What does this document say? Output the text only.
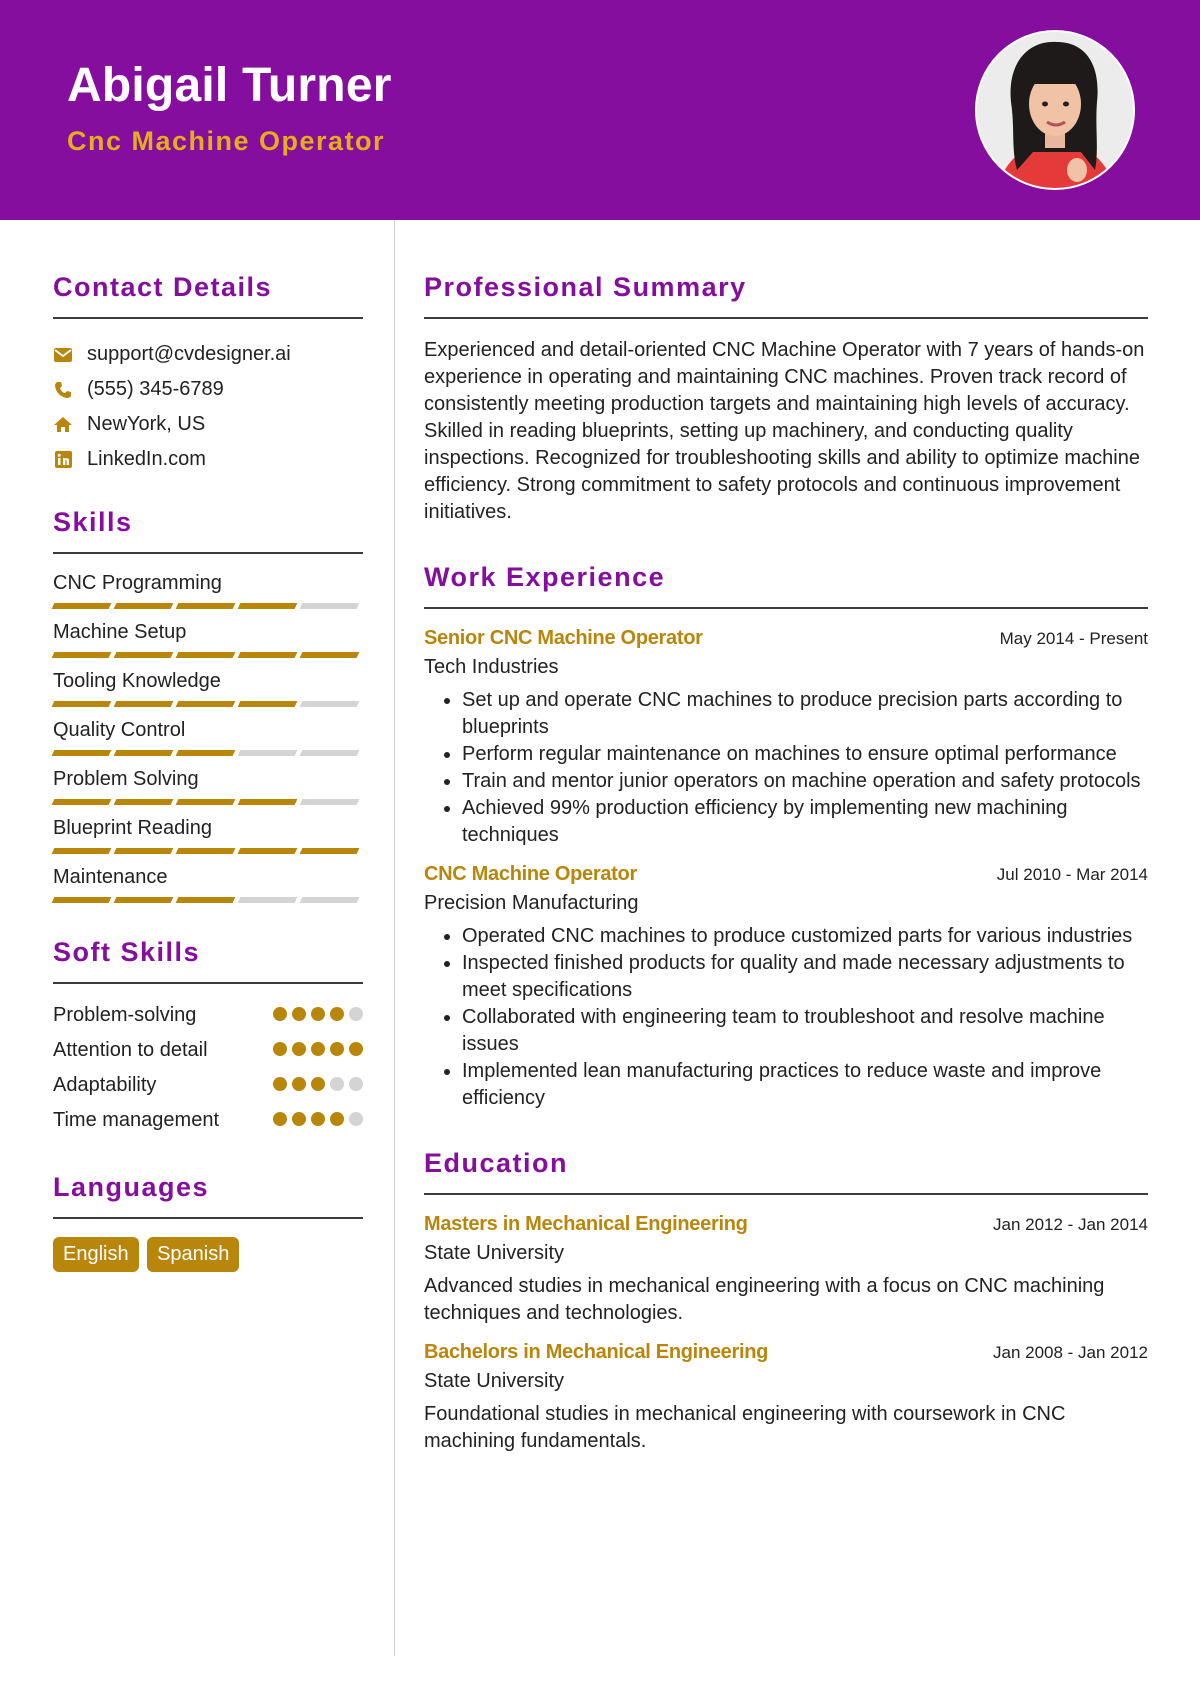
Abigail Turner
Cnc Machine Operator
Contact Details
support@cvdesigner.ai
(555) 345-6789
NewYork, US
LinkedIn.com
Skills
CNC Programming
Machine Setup
Tooling Knowledge
Quality Control
Problem Solving
Blueprint Reading
Maintenance
Soft Skills
Problem-solving
Attention to detail
Adaptability
Time management
Languages
English Spanish
Professional Summary
Experienced and detail-oriented CNC Machine Operator with 7 years of hands-on experience in operating and maintaining CNC machines. Proven track record of consistently meeting production targets and maintaining high levels of accuracy. Skilled in reading blueprints, setting up machinery, and conducting quality inspections. Recognized for troubleshooting skills and ability to optimize machine efficiency. Strong commitment to safety protocols and continuous improvement initiatives.
Work Experience
Senior CNC Machine Operator	May 2014 - Present
Tech Industries
• Set up and operate CNC machines to produce precision parts according to blueprints
• Perform regular maintenance on machines to ensure optimal performance
• Train and mentor junior operators on machine operation and safety protocols
• Achieved 99% production efficiency by implementing new machining techniques
CNC Machine Operator	Jul 2010 - Mar 2014
Precision Manufacturing
• Operated CNC machines to produce customized parts for various industries
• Inspected finished products for quality and made necessary adjustments to meet specifications
• Collaborated with engineering team to troubleshoot and resolve machine issues
• Implemented lean manufacturing practices to reduce waste and improve efficiency
Education
Masters in Mechanical Engineering	Jan 2012 - Jan 2014
State University
Advanced studies in mechanical engineering with a focus on CNC machining techniques and technologies.
Bachelors in Mechanical Engineering	Jan 2008 - Jan 2012
State University
Foundational studies in mechanical engineering with coursework in CNC machining fundamentals.
